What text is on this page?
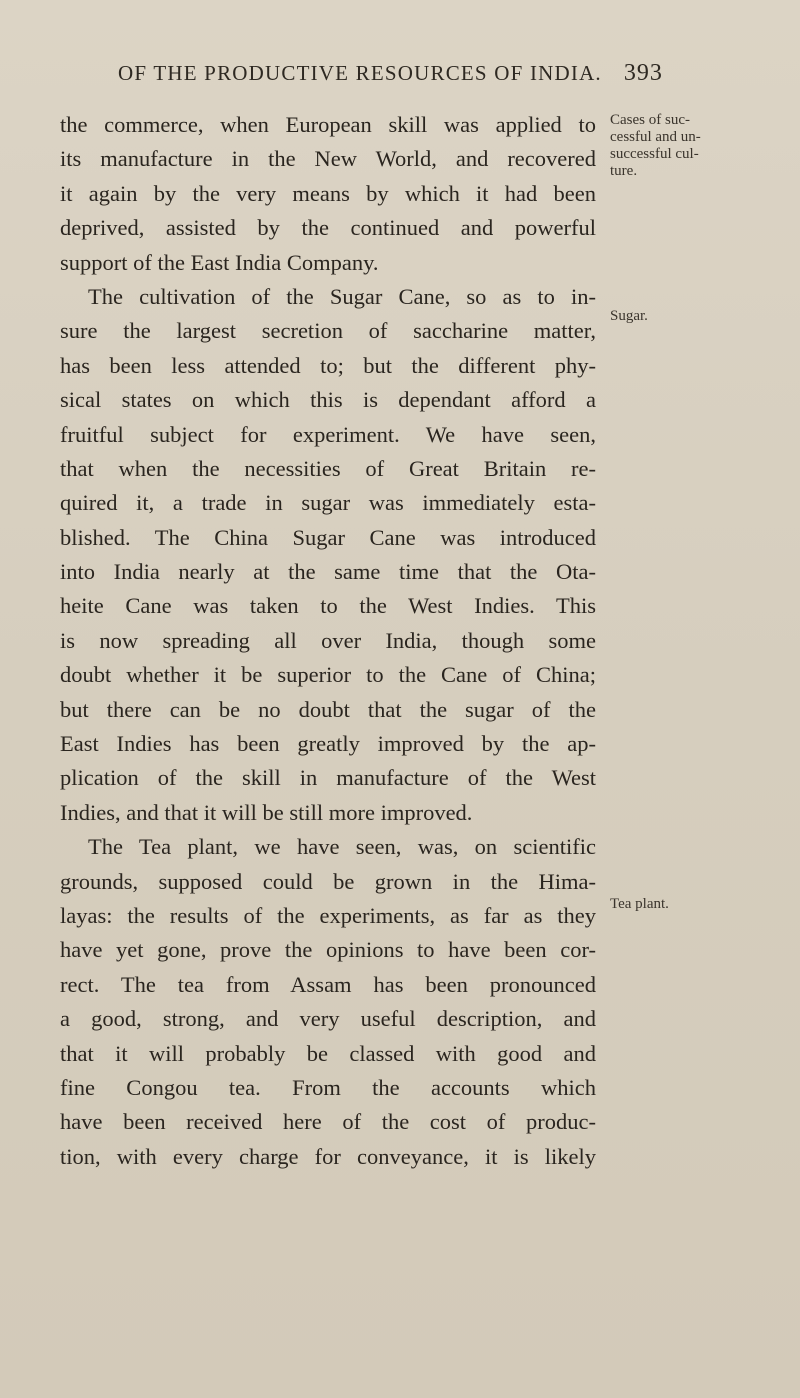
OF THE PRODUCTIVE RESOURCES OF INDIA. 393
the commerce, when European skill was applied to
its manufacture in the New World, and recovered
it again by the very means by which it had been
deprived, assisted by the continued and powerful
support of the East India Company.
The cultivation of the Sugar Cane, so as to in-
sure the largest secretion of saccharine matter,
has been less attended to; but the different phy-
sical states on which this is dependant afford a
fruitful subject for experiment. We have seen,
that when the necessities of Great Britain re-
quired it, a trade in sugar was immediately esta-
blished. The China Sugar Cane was introduced
into India nearly at the same time that the Ota-
heite Cane was taken to the West Indies. This
is now spreading all over India, though some
doubt whether it be superior to the Cane of China;
but there can be no doubt that the sugar of the
East Indies has been greatly improved by the ap-
plication of the skill in manufacture of the West
Indies, and that it will be still more improved.
The Tea plant, we have seen, was, on scientific
grounds, supposed could be grown in the Hima-
layas: the results of the experiments, as far as they
have yet gone, prove the opinions to have been cor-
rect. The tea from Assam has been pronounced
a good, strong, and very useful description, and
that it will probably be classed with good and
fine Congou tea. From the accounts which
have been received here of the cost of produc-
tion, with every charge for conveyance, it is likely
Cases of suc-
cessful and un-
successful cul-
ture.
Sugar.
Tea plant.
